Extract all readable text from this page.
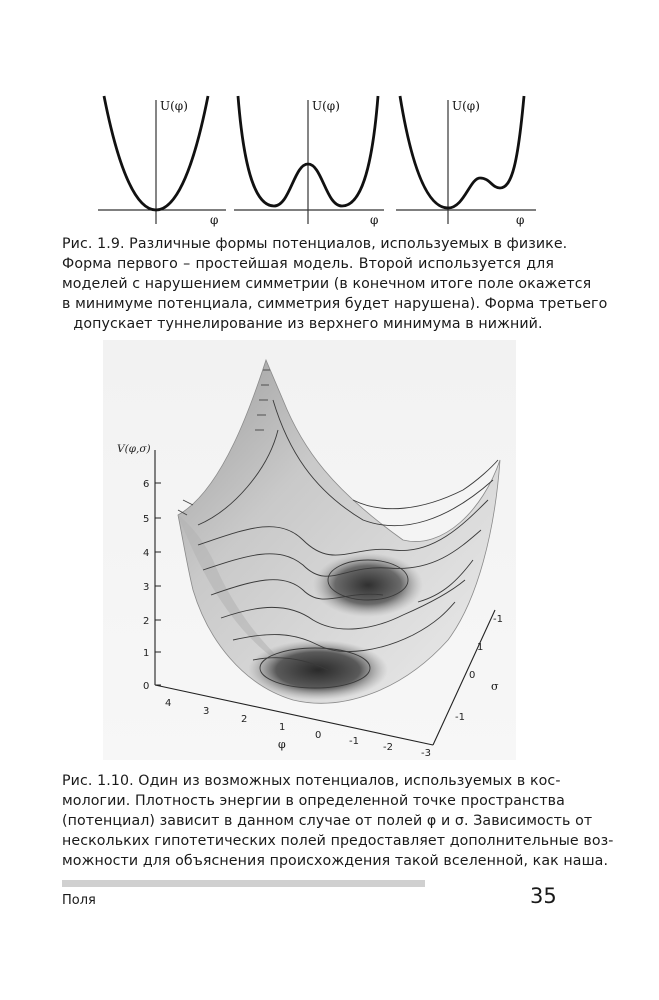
U(φ)
φ
U(φ)
φ
U(φ)
φ
Рис. 1.9. Различные формы потенциалов, используемых в физике.
Форма первого – простейшая модель. Второй используется для
моделей с нарушением симметрии (в конечном итоге поле окажется
в минимуме потенциала, симметрия будет нарушена). Форма третьего
допускает туннелирование из верхнего минимума в нижний.
V(φ,σ)
6
5
4
3
2
1
0
4
3
2
1
0
-1
-2
-3
φ
-1
0
1
-1
σ
Рис. 1.10. Один из возможных потенциалов, используемых в кос-
мологии. Плотность энергии в определенной точке пространства
(потенциал) зависит в данном случае от полей φ и σ. Зависимость от
нескольких гипотетических полей предоставляет дополнительные воз-
можности для объяснения происхождения такой вселенной, как наша.
Поля	35
